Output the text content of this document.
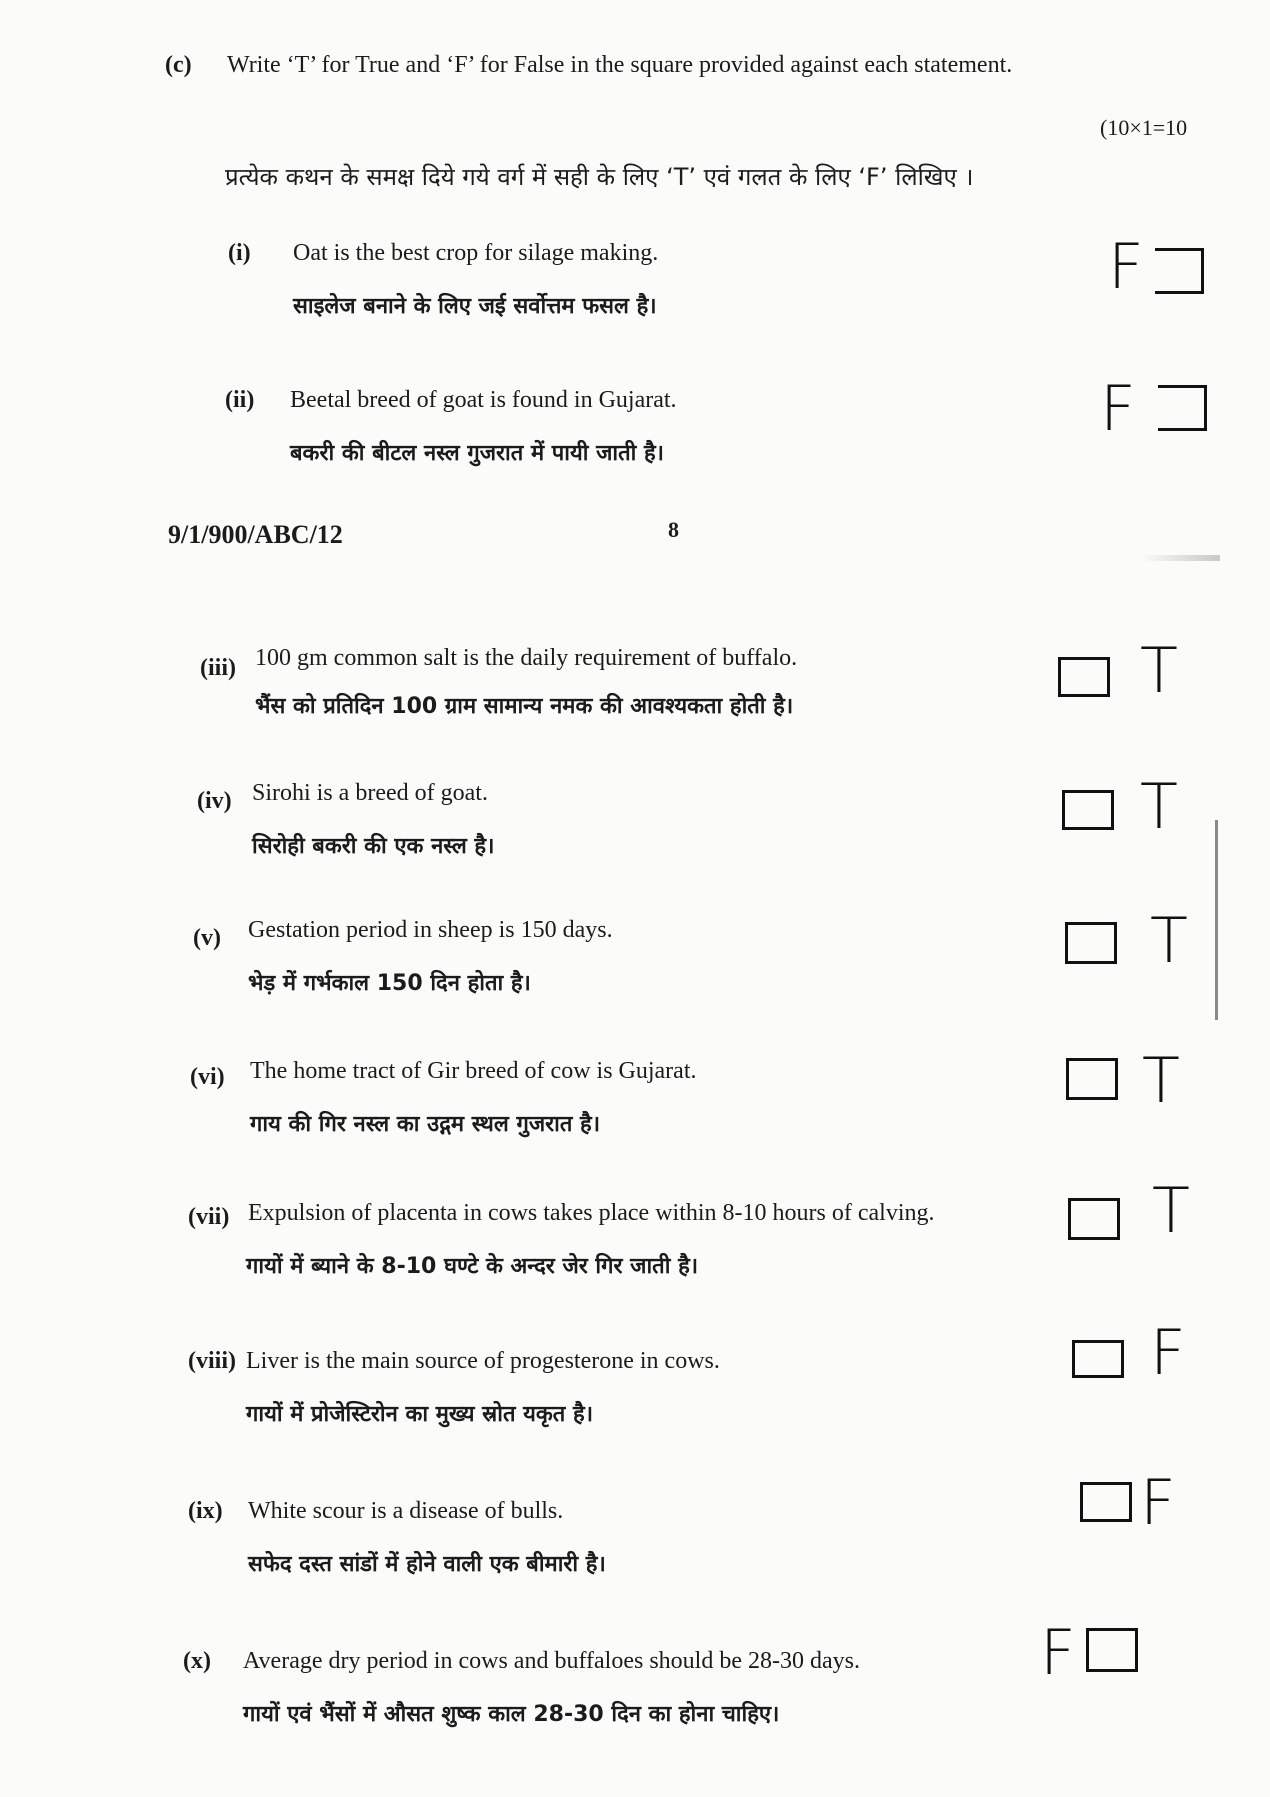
(c) Write ‘T’ for True and ‘F’ for False in the square provided against each statement.
(10×1=10
प्रत्येक कथन के समक्ष दिये गये वर्ग में सही के लिए ‘T’ एवं गलत के लिए ‘F’ लिखिए ।
(i) Oat is the best crop for silage making.
साइलेज बनाने के लिए जई सर्वोत्तम फसल है।
F
(ii) Beetal breed of goat is found in Gujarat.
बकरी की बीटल नस्ल गुजरात में पायी जाती है।
F
9/1/900/ABC/12	8
(iii) 100 gm common salt is the daily requirement of buffalo.
भैंस को प्रतिदिन 100 ग्राम सामान्य नमक की आवश्यकता होती है।	T
(iv) Sirohi is a breed of goat.
सिरोही बकरी की एक नस्ल है।
T
(v) Gestation period in sheep is 150 days.
भेड़ में गर्भकाल 150 दिन होता है।
T
(vi) The home tract of Gir breed of cow is Gujarat.
गाय की गिर नस्ल का उद्गम स्थल गुजरात है।
T
(vii) Expulsion of placenta in cows takes place within 8-10 hours of calving.
गायों में ब्याने के 8-10 घण्टे के अन्दर जेर गिर जाती है।
T
(viii) Liver is the main source of progesterone in cows.
गायों में प्रोजेस्टिरोन का मुख्य स्रोत यकृत है।
F
(ix) White scour is a disease of bulls.
सफेद दस्त सांडों में होने वाली एक बीमारी है।
F
(x) Average dry period in cows and buffaloes should be 28-30 days.
गायों एवं भैंसों में औसत शुष्क काल 28-30 दिन का होना चाहिए।
F
